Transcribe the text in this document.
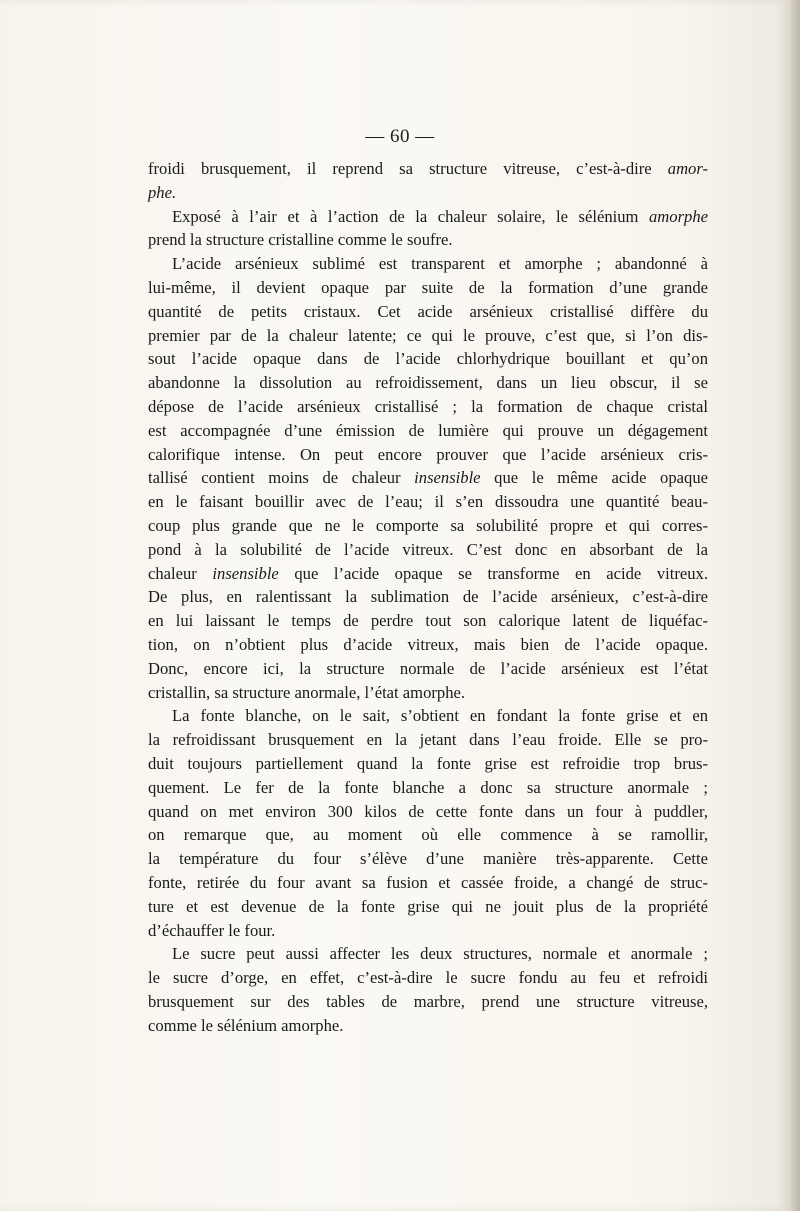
— 60 —
froidi brusquement, il reprend sa structure vitreuse, c’est-à-dire amor-
phe.
Exposé à l’air et à l’action de la chaleur solaire, le sélénium amorphe
prend la structure cristalline comme le soufre.
L’acide arsénieux sublimé est transparent et amorphe ; abandonné à
lui-même, il devient opaque par suite de la formation d’une grande
quantité de petits cristaux. Cet acide arsénieux cristallisé diffère du
premier par de la chaleur latente; ce qui le prouve, c’est que, si l’on dis-
sout l’acide opaque dans de l’acide chlorhydrique bouillant et qu’on
abandonne la dissolution au refroidissement, dans un lieu obscur, il se
dépose de l’acide arsénieux cristallisé ; la formation de chaque cristal
est accompagnée d’une émission de lumière qui prouve un dégagement
calorifique intense. On peut encore prouver que l’acide arsénieux cris-
tallisé contient moins de chaleur insensible que le même acide opaque
en le faisant bouillir avec de l’eau; il s’en dissoudra une quantité beau-
coup plus grande que ne le comporte sa solubilité propre et qui corres-
pond à la solubilité de l’acide vitreux. C’est donc en absorbant de la
chaleur insensible que l’acide opaque se transforme en acide vitreux.
De plus, en ralentissant la sublimation de l’acide arsénieux, c’est-à-dire
en lui laissant le temps de perdre tout son calorique latent de liquéfac-
tion, on n’obtient plus d’acide vitreux, mais bien de l’acide opaque.
Donc, encore ici, la structure normale de l’acide arsénieux est l’état
cristallin, sa structure anormale, l’état amorphe.
La fonte blanche, on le sait, s’obtient en fondant la fonte grise et en
la refroidissant brusquement en la jetant dans l’eau froide. Elle se pro-
duit toujours partiellement quand la fonte grise est refroidie trop brus-
quement. Le fer de la fonte blanche a donc sa structure anormale ;
quand on met environ 300 kilos de cette fonte dans un four à puddler,
on remarque que, au moment où elle commence à se ramollir,
la température du four s’élève d’une manière très-apparente. Cette
fonte, retirée du four avant sa fusion et cassée froide, a changé de struc-
ture et est devenue de la fonte grise qui ne jouit plus de la propriété
d’échauffer le four.
Le sucre peut aussi affecter les deux structures, normale et anormale ;
le sucre d’orge, en effet, c’est-à-dire le sucre fondu au feu et refroidi
brusquement sur des tables de marbre, prend une structure vitreuse,
comme le sélénium amorphe.
